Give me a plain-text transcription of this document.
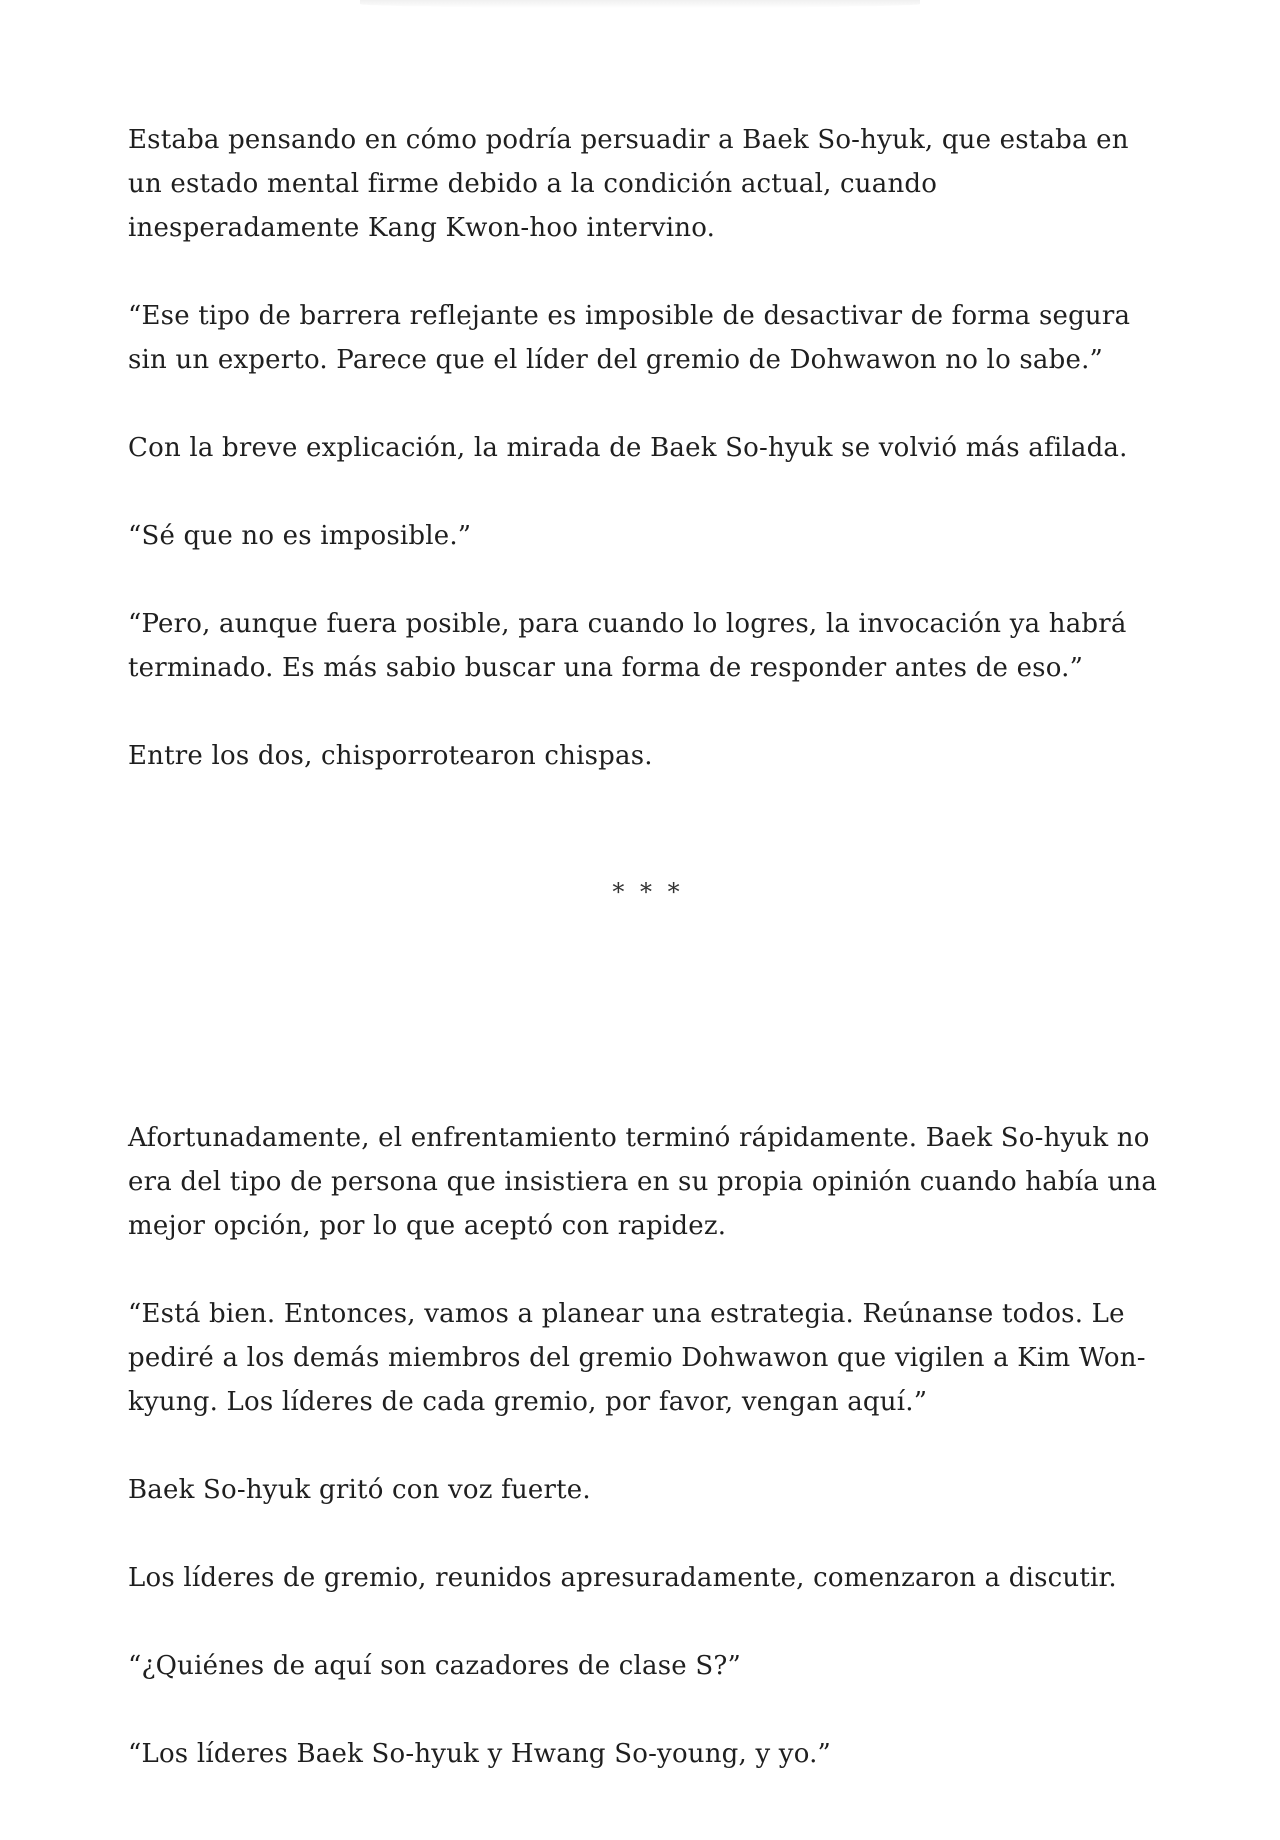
Estaba pensando en cómo podría persuadir a Baek So-hyuk, que estaba en un estado mental firme debido a la condición actual, cuando inesperadamente Kang Kwon-hoo intervino.

“Ese tipo de barrera reflejante es imposible de desactivar de forma segura sin un experto. Parece que el líder del gremio de Dohwawon no lo sabe.”

Con la breve explicación, la mirada de Baek So-hyuk se volvió más afilada.

“Sé que no es imposible.”

“Pero, aunque fuera posible, para cuando lo logres, la invocación ya habrá terminado. Es más sabio buscar una forma de responder antes de eso.”

Entre los dos, chisporrotearon chispas.

* * *

Afortunadamente, el enfrentamiento terminó rápidamente. Baek So-hyuk no era del tipo de persona que insistiera en su propia opinión cuando había una mejor opción, por lo que aceptó con rapidez.

“Está bien. Entonces, vamos a planear una estrategia. Reúnanse todos. Le pediré a los demás miembros del gremio Dohwawon que vigilen a Kim Won-kyung. Los líderes de cada gremio, por favor, vengan aquí.”

Baek So-hyuk gritó con voz fuerte.

Los líderes de gremio, reunidos apresuradamente, comenzaron a discutir.

“¿Quiénes de aquí son cazadores de clase S?”

“Los líderes Baek So-hyuk y Hwang So-young, y yo.”
